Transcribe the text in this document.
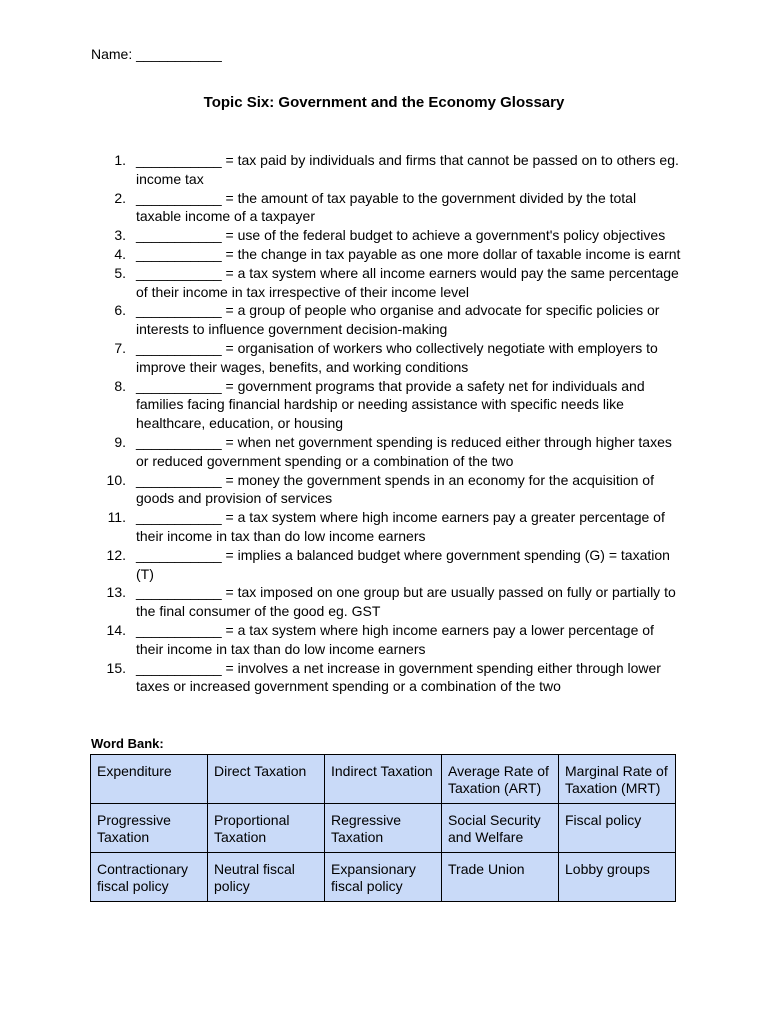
Name: ___________
Topic Six: Government and the Economy Glossary
1. ___________ = tax paid by individuals and firms that cannot be passed on to others eg. income tax
2. ___________ = the amount of tax payable to the government divided by the total taxable income of a taxpayer
3. ___________ = use of the federal budget to achieve a government's policy objectives
4. ___________ = the change in tax payable as one more dollar of taxable income is earnt
5. ___________ = a tax system where all income earners would pay the same percentage of their income in tax irrespective of their income level
6. ___________ = a group of people who organise and advocate for specific policies or interests to influence government decision-making
7. ___________ = organisation of workers who collectively negotiate with employers to improve their wages, benefits, and working conditions
8. ___________ = government programs that provide a safety net for individuals and families facing financial hardship or needing assistance with specific needs like healthcare, education, or housing
9. ___________ = when net government spending is reduced either through higher taxes or reduced government spending or a combination of the two
10. ___________ = money the government spends in an economy for the acquisition of goods and provision of services
11. ___________ = a tax system where high income earners pay a greater percentage of their income in tax than do low income earners
12. ___________ = implies a balanced budget where government spending (G) = taxation (T)
13. ___________ = tax imposed on one group but are usually passed on fully or partially to the final consumer of the good eg. GST
14. ___________ = a tax system where high income earners pay a lower percentage of their income in tax than do low income earners
15. ___________ = involves a net increase in government spending either through lower taxes or increased government spending or a combination of the two
Word Bank:
Expenditure	Direct Taxation	Indirect Taxation	Average Rate of Taxation (ART)	Marginal Rate of Taxation (MRT)
Progressive Taxation	Proportional Taxation	Regressive Taxation	Social Security and Welfare	Fiscal policy
Contractionary fiscal policy	Neutral fiscal policy	Expansionary fiscal policy	Trade Union	Lobby groups
